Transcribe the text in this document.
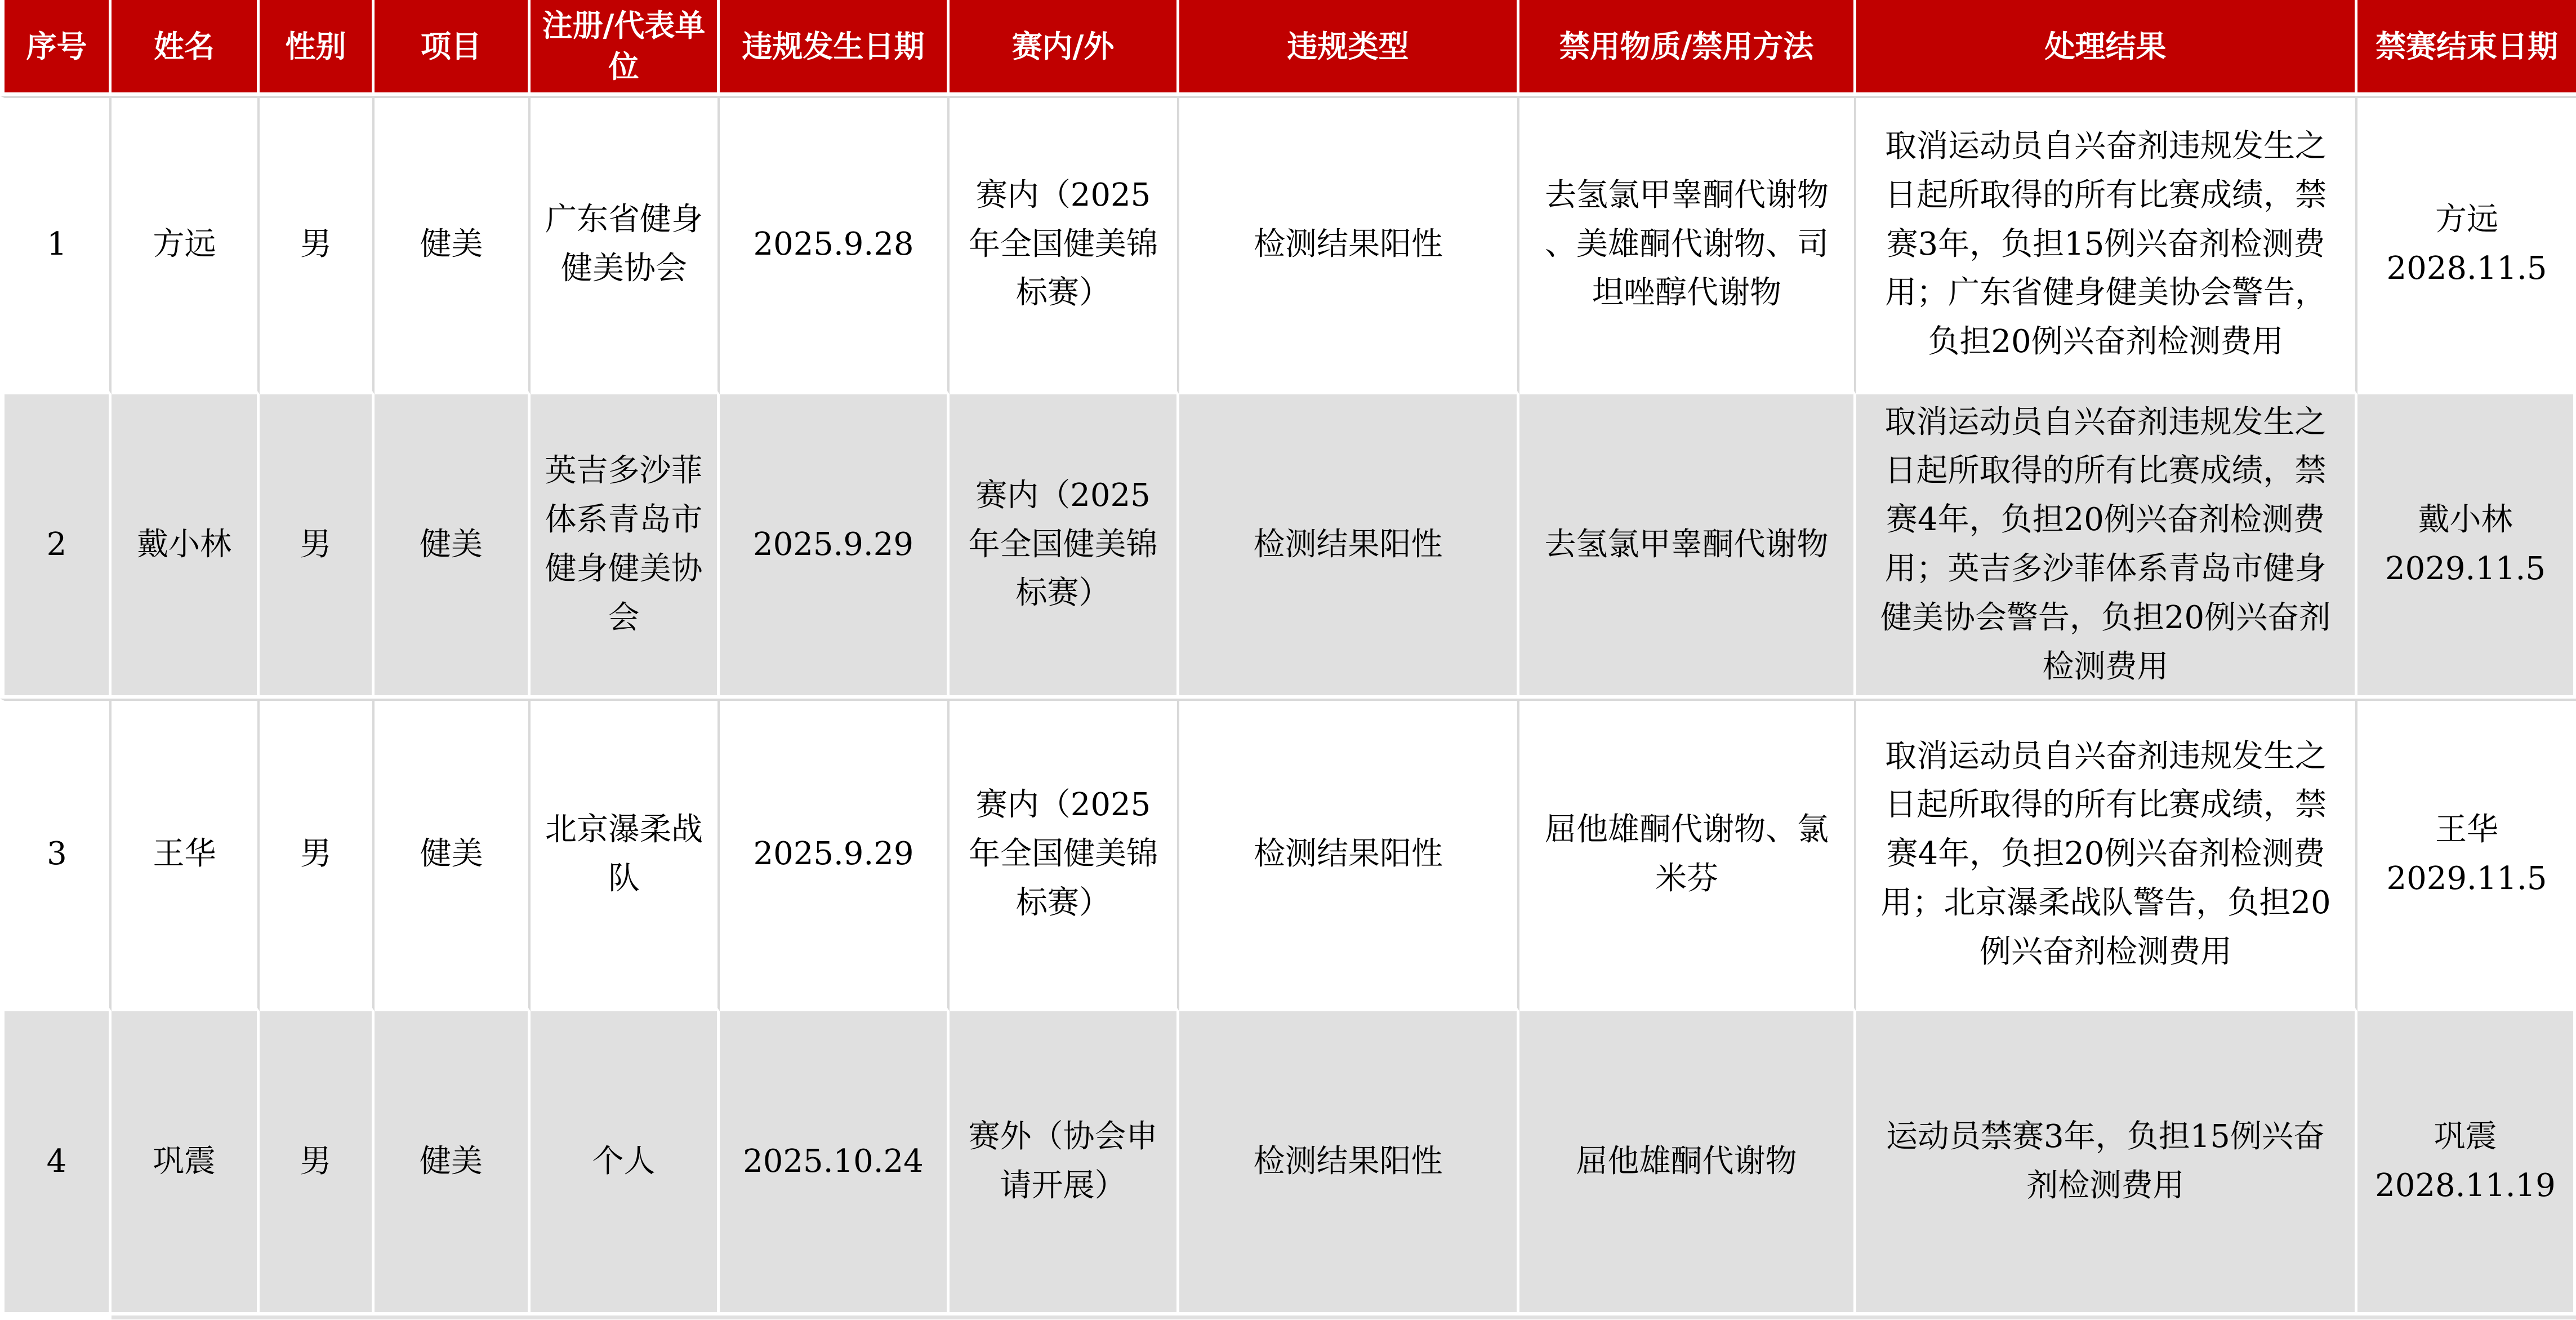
序号	姓名	性别	项目	注册/代表单位	违规发生日期	赛内/外	违规类型	禁用物质/禁用方法	处理结果	禁赛结束日期
1	方远	男	健美	广东省健身健美协会	2025.9.28	赛内（2025年全国健美锦标赛）	检测结果阳性	去氢氯甲睾酮代谢物、美雄酮代谢物、司坦唑醇代谢物	取消运动员自兴奋剂违规发生之日起所取得的所有比赛成绩，禁赛3年，负担15例兴奋剂检测费用；广东省健身健美协会警告，负担20例兴奋剂检测费用	方远
2028.11.5

2	戴小林	男	健美	英吉多沙菲体系青岛市健身健美协会	2025.9.29	赛内（2025年全国健美锦标赛）	检测结果阳性	去氢氯甲睾酮代谢物	取消运动员自兴奋剂违规发生之日起所取得的所有比赛成绩，禁赛4年，负担20例兴奋剂检测费用；英吉多沙菲体系青岛市健身健美协会警告，负担20例兴奋剂检测费用	戴小林
2029.11.5

3	王华	男	健美	北京瀑柔战队	2025.9.29	赛内（2025年全国健美锦标赛）	检测结果阳性	屈他雄酮代谢物、氯米芬	取消运动员自兴奋剂违规发生之日起所取得的所有比赛成绩，禁赛4年，负担20例兴奋剂检测费用；北京瀑柔战队警告，负担20例兴奋剂检测费用	王华
2029.11.5

4	巩震	男	健美	个人	2025.10.24	赛外（协会申请开展）	检测结果阳性	屈他雄酮代谢物	运动员禁赛3年，负担15例兴奋剂检测费用	巩震
2028.11.19
